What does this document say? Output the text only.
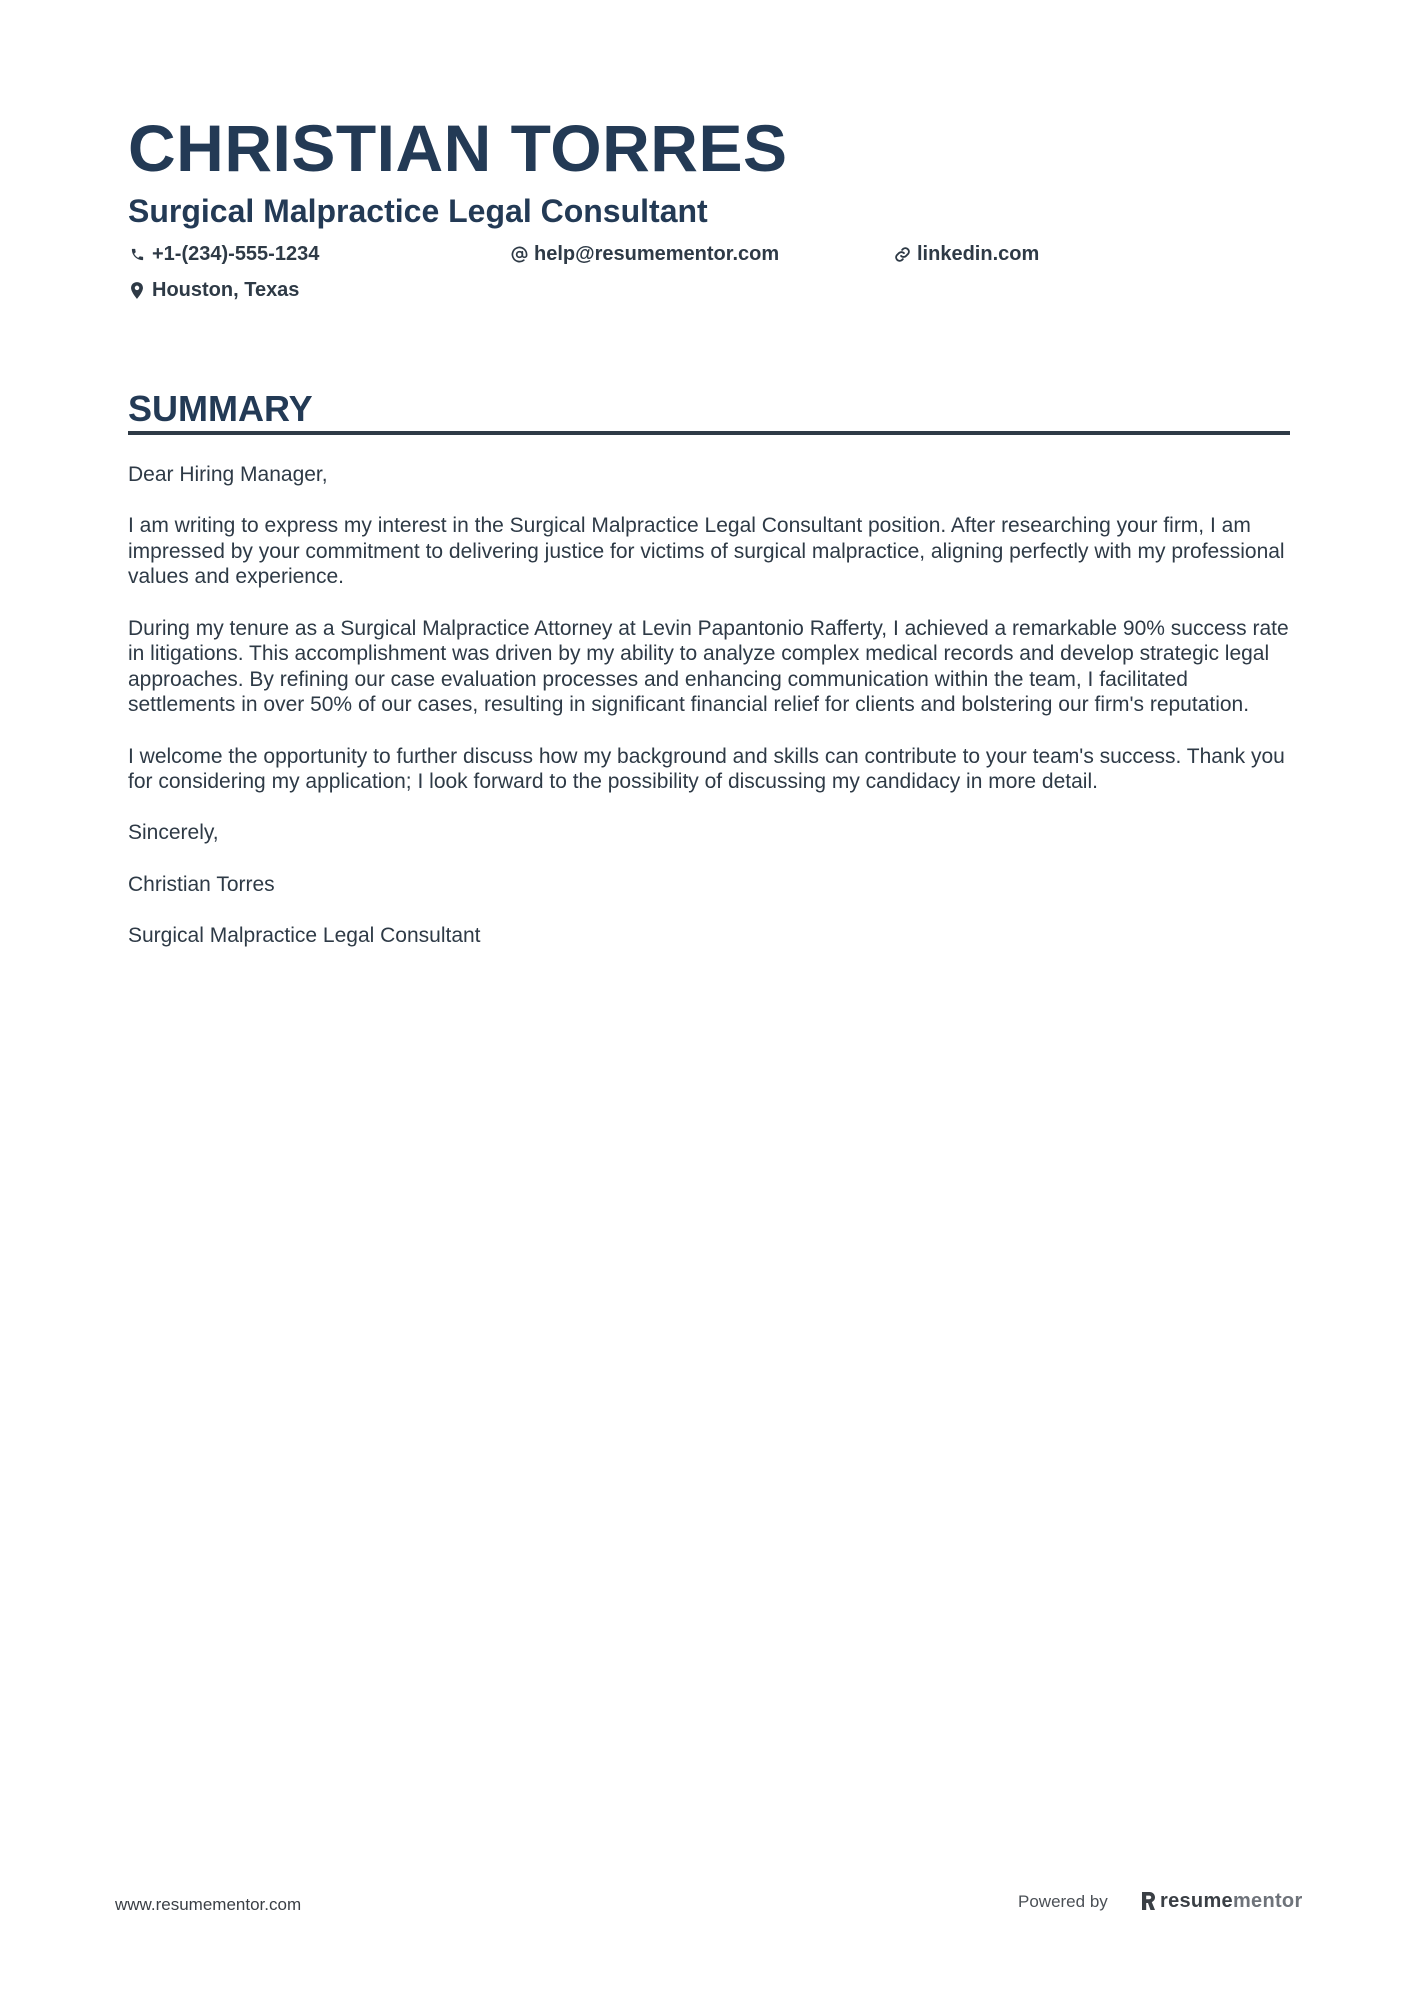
CHRISTIAN TORRES
Surgical Malpractice Legal Consultant
+1-(234)-555-1234	help@resumementor.com	linkedin.com
Houston, Texas
SUMMARY

Dear Hiring Manager,

I am writing to express my interest in the Surgical Malpractice Legal Consultant position. After researching your firm, I am impressed by your commitment to delivering justice for victims of surgical malpractice, aligning perfectly with my professional values and experience.

During my tenure as a Surgical Malpractice Attorney at Levin Papantonio Rafferty, I achieved a remarkable 90% success rate in litigations. This accomplishment was driven by my ability to analyze complex medical records and develop strategic legal approaches. By refining our case evaluation processes and enhancing communication within the team, I facilitated settlements in over 50% of our cases, resulting in significant financial relief for clients and bolstering our firm's reputation.

I welcome the opportunity to further discuss how my background and skills can contribute to your team's success. Thank you for considering my application; I look forward to the possibility of discussing my candidacy in more detail.

Sincerely,

Christian Torres

Surgical Malpractice Legal Consultant

www.resumementor.com	Powered by	resumementor
